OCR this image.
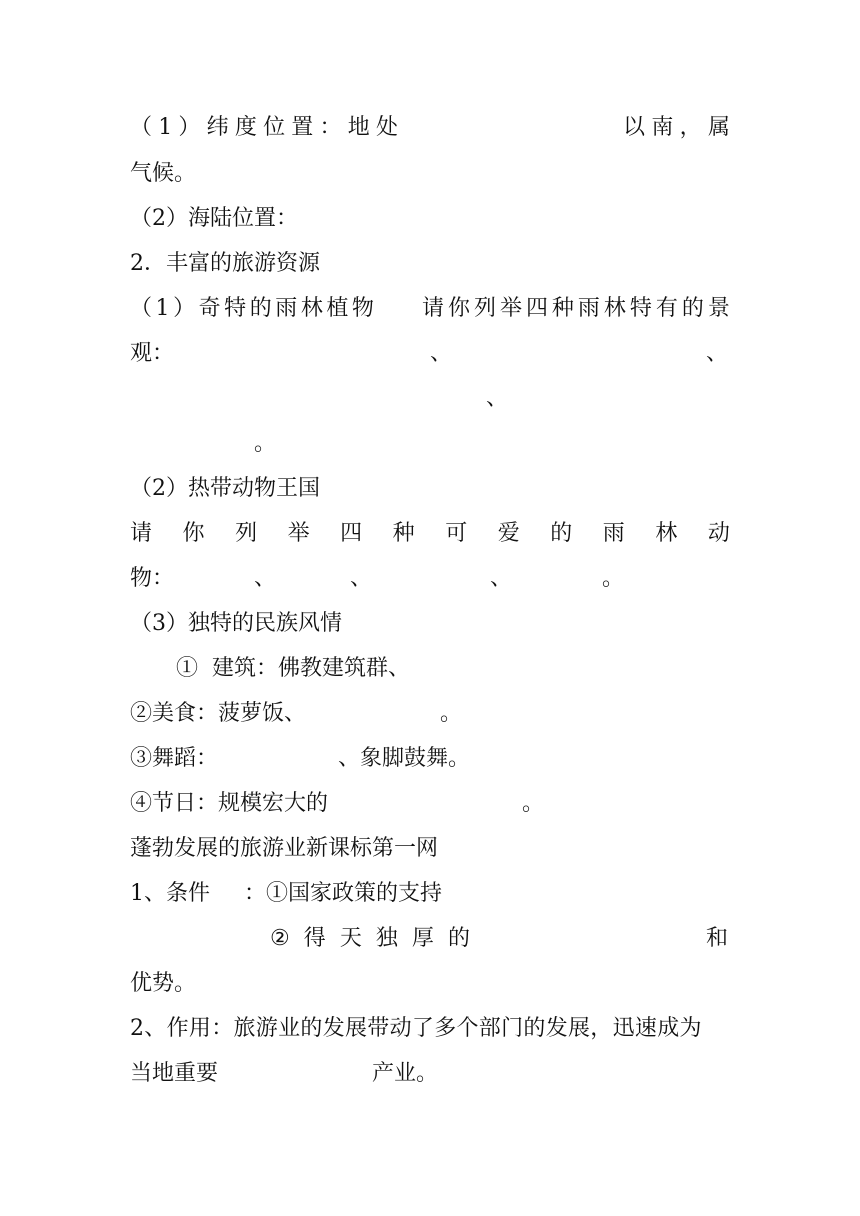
（ 1 ） 纬 度 位 置 ： 地 处	以 南 ， 属
气候。
（2）海陆位置：
2．丰富的旅游资源
（ 1 ） 奇 特 的 雨 林 植 物 请 你 列 举 四 种 雨 林 特 有 的 景
观：	、	、
、
。
（2）热带动物王国
请 你 列 举 四 种 可 爱 的 雨 林 动
物：	、	、	、	。
（3）独特的民族风情
①  建筑：佛教建筑群、
②美食：菠萝饭、	。
③舞蹈：	、象脚鼓舞。
④节日：规模宏大的	。
蓬勃发展的旅游业新课标第一网
1、条件 ：①国家政策的支持
② 得 天 独 厚 的	和
优势。
2、作用：旅游业的发展带动了多个部门的发展，迅速成为
当地重要	产业。
